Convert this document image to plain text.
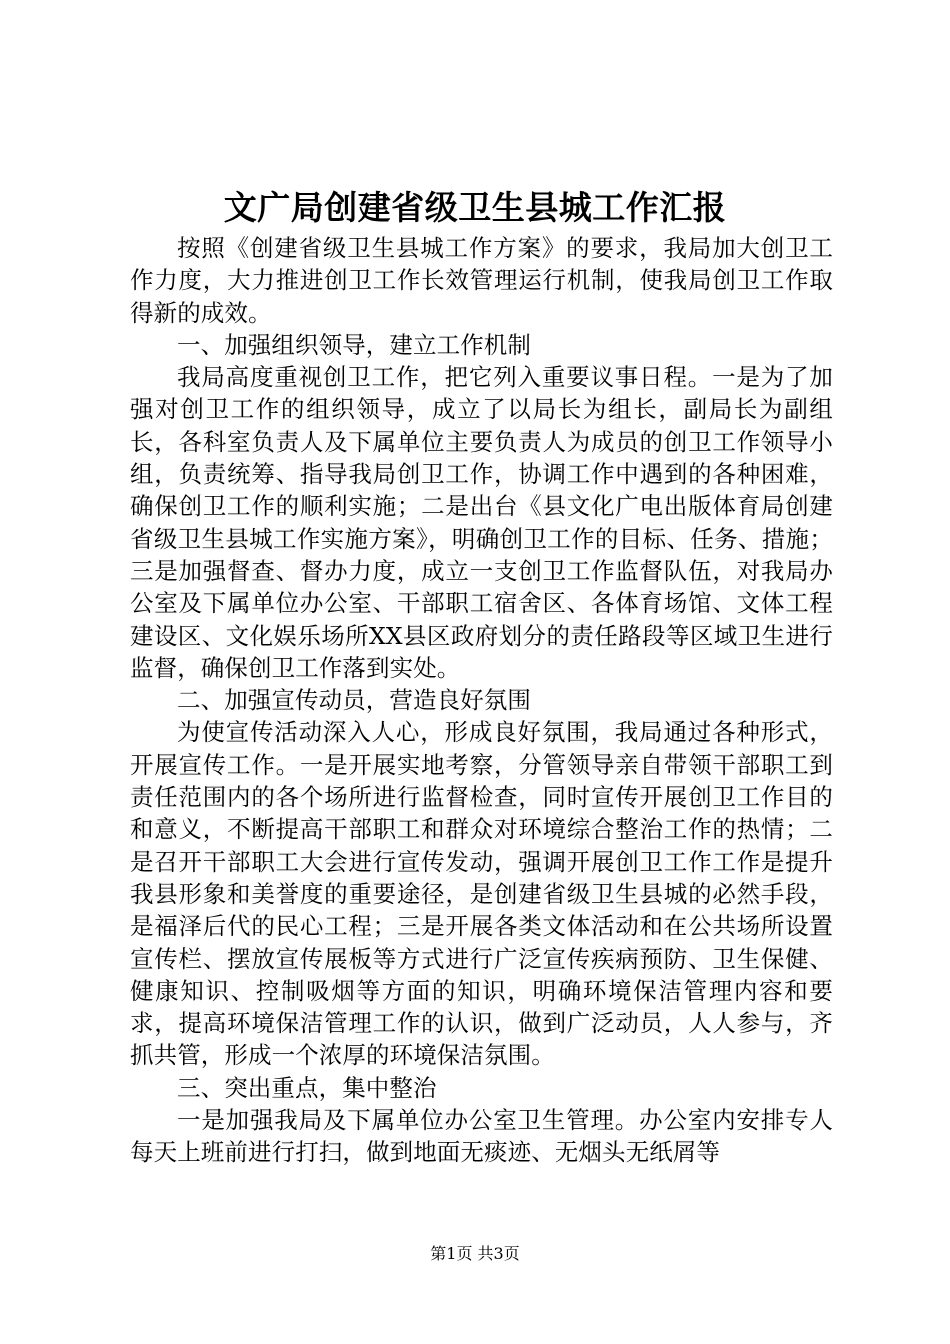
文广局创建省级卫生县城工作汇报

按照《创建省级卫生县城工作方案》的要求，我局加大创卫工作力度，大力推进创卫工作长效管理运行机制，使我局创卫工作取得新的成效。

一、加强组织领导，建立工作机制

我局高度重视创卫工作，把它列入重要议事日程。一是为了加强对创卫工作的组织领导，成立了以局长为组长，副局长为副组长，各科室负责人及下属单位主要负责人为成员的创卫工作领导小组，负责统筹、指导我局创卫工作，协调工作中遇到的各种困难，确保创卫工作的顺利实施；二是出台《县文化广电出版体育局创建省级卫生县城工作实施方案》，明确创卫工作的目标、任务、措施；三是加强督查、督办力度，成立一支创卫工作监督队伍，对我局办公室及下属单位办公室、干部职工宿舍区、各体育场馆、文体工程建设区、文化娱乐场所XX县区政府划分的责任路段等区域卫生进行监督，确保创卫工作落到实处。

二、加强宣传动员，营造良好氛围

为使宣传活动深入人心，形成良好氛围，我局通过各种形式，开展宣传工作。一是开展实地考察，分管领导亲自带领干部职工到责任范围内的各个场所进行监督检查，同时宣传开展创卫工作目的和意义，不断提高干部职工和群众对环境综合整治工作的热情；二是召开干部职工大会进行宣传发动，强调开展创卫工作工作是提升我县形象和美誉度的重要途径，是创建省级卫生县城的必然手段，是福泽后代的民心工程；三是开展各类文体活动和在公共场所设置宣传栏、摆放宣传展板等方式进行广泛宣传疾病预防、卫生保健、健康知识、控制吸烟等方面的知识，明确环境保洁管理内容和要求，提高环境保洁管理工作的认识，做到广泛动员，人人参与，齐抓共管，形成一个浓厚的环境保洁氛围。

三、突出重点，集中整治

一是加强我局及下属单位办公室卫生管理。办公室内安排专人每天上班前进行打扫，做到地面无痰迹、无烟头无纸屑等

第1页 共3页
